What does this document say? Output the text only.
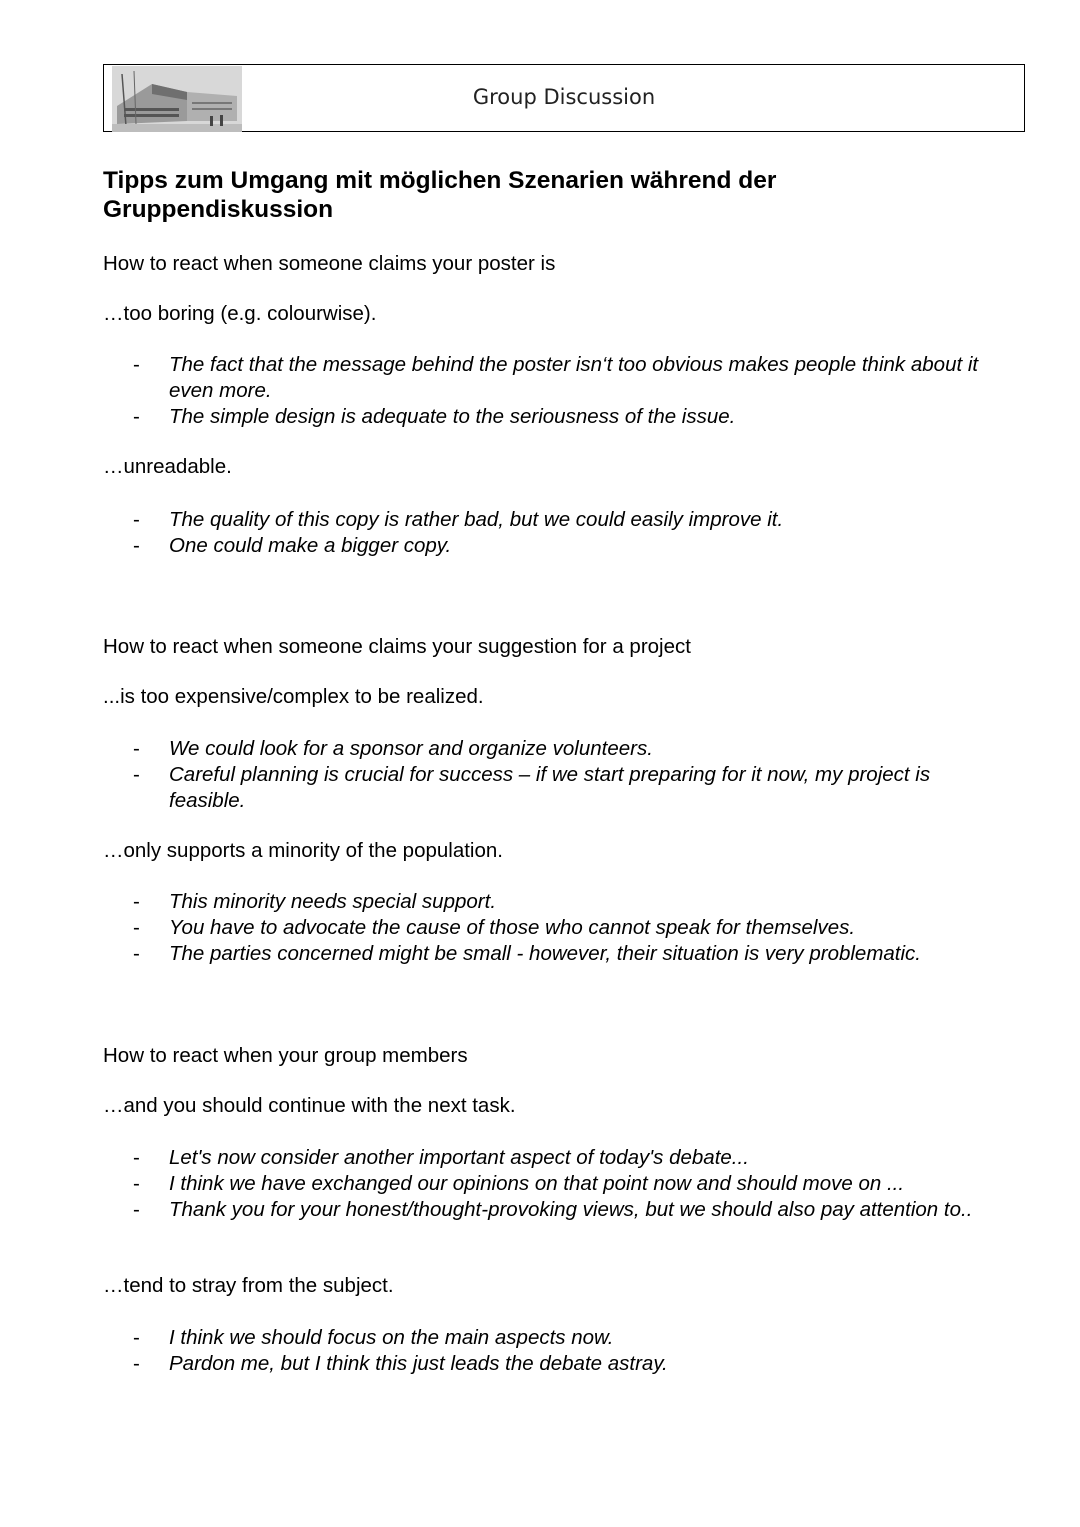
Group Discussion
Tipps zum Umgang mit möglichen Szenarien während der Gruppendiskussion
How to react when someone claims your poster is
…too boring (e.g. colourwise).
- The fact that the message behind the poster isn‘t too obvious makes people think about it even more.
- The simple design is adequate to the seriousness of the issue.
…unreadable.
- The quality of this copy is rather bad, but we could easily improve it.
- One could make a bigger copy.
How to react when someone claims your suggestion for a project
...is too expensive/complex to be realized.
- We could look for a sponsor and organize volunteers.
- Careful planning is crucial for success – if we start preparing for it now, my project is feasible.
…only supports a minority of the population.
- This minority needs special support.
- You have to advocate the cause of those who cannot speak for themselves.
- The parties concerned might be small - however, their situation is very problematic.
How to react when your group members
…and you should continue with the next task.
- Let's now consider another important aspect of today's debate...
- I think we have exchanged our opinions on that point now and should move on ...
- Thank you for your honest/thought-provoking views, but we should also pay attention to..
…tend to stray from the subject.
- I think we should focus on the main aspects now.
- Pardon me, but I think this just leads the debate astray.
